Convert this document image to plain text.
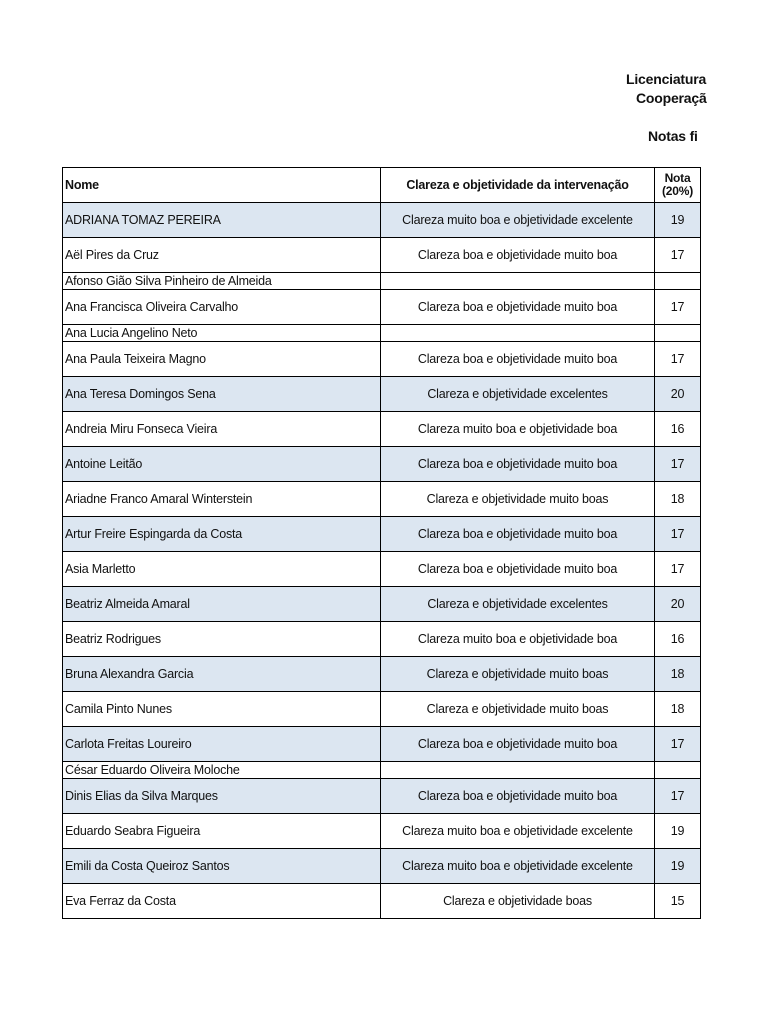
Licenciatura
Cooperaçã
Notas fi
Nome	Clareza e objetividade da intervenação	Nota (20%)
ADRIANA TOMAZ PEREIRA	Clareza muito boa e objetividade excelente	19
Aël Pires da Cruz	Clareza boa e objetividade muito boa	17
Afonso Gião Silva Pinheiro de Almeida		
Ana Francisca Oliveira Carvalho	Clareza boa e objetividade muito boa	17
Ana Lucia Angelino Neto		
Ana Paula Teixeira Magno	Clareza boa e objetividade muito boa	17
Ana Teresa Domingos Sena	Clareza e objetividade excelentes	20
Andreia Miru Fonseca Vieira	Clareza muito boa e objetividade boa	16
Antoine Leitão	Clareza boa e objetividade muito boa	17
Ariadne Franco Amaral Winterstein	Clareza e objetividade muito boas	18
Artur Freire Espingarda da Costa	Clareza boa e objetividade muito boa	17
Asia Marletto	Clareza boa e objetividade muito boa	17
Beatriz Almeida Amaral	Clareza e objetividade excelentes	20
Beatriz Rodrigues	Clareza muito boa e objetividade boa	16
Bruna Alexandra Garcia	Clareza e objetividade muito boas	18
Camila Pinto Nunes	Clareza e objetividade muito boas	18
Carlota Freitas Loureiro	Clareza boa e objetividade muito boa	17
César Eduardo Oliveira Moloche		
Dinis Elias da Silva Marques	Clareza boa e objetividade muito boa	17
Eduardo Seabra Figueira	Clareza muito boa e objetividade excelente	19
Emili da Costa Queiroz Santos	Clareza muito boa e objetividade excelente	19
Eva Ferraz da Costa	Clareza e objetividade boas	15
